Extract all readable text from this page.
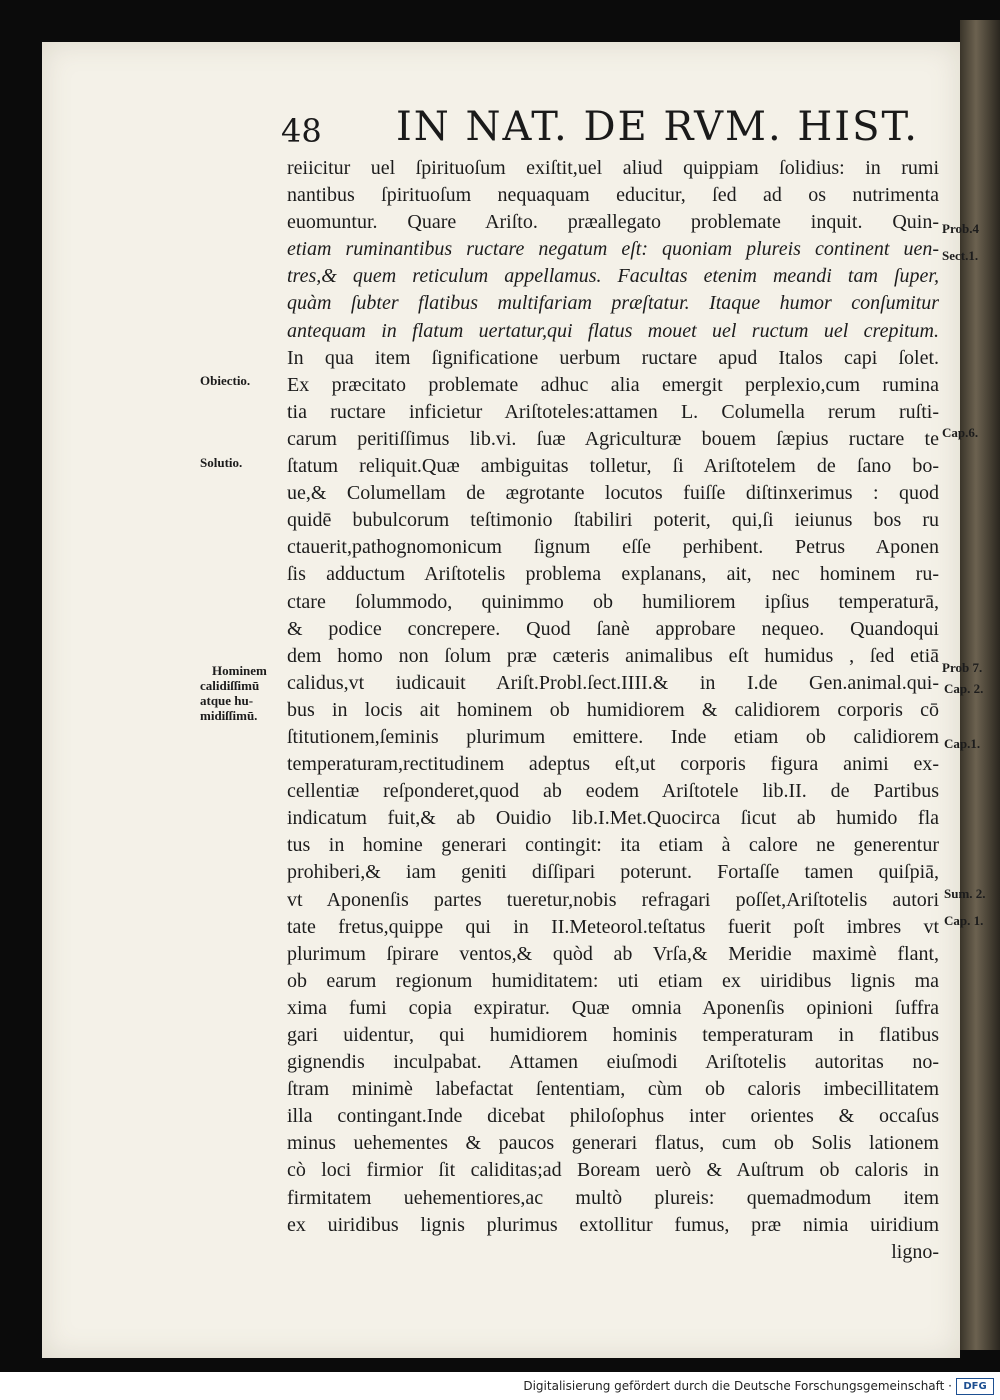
48 IN NAT. DE RVM. HIST.
reiicitur uel ſpirituoſum exiſtit,uel aliud quippiam ſolidius: in rumi
nantibus ſpirituoſum nequaquam educitur, ſed ad os nutrimenta
euomuntur. Quare Ariſto. præallegato problemate inquit. Quin-
etiam ruminantibus ructare negatum eſt: quoniam plureis continent uen-
tres,& quem reticulum appellamus. Facultas etenim meandi tam ſuper,
quàm ſubter flatibus multifariam præſtatur. Itaque humor conſumitur
antequam in flatum uertatur,qui flatus mouet uel ructum uel crepitum.
In qua item ſignificatione uerbum ructare apud Italos capi ſolet.
Ex præcitato problemate adhuc alia emergit perplexio,cum rumina
tia ructare inficietur Ariſtoteles:attamen L. Columella rerum ruſti-
carum peritiſſimus lib.vi. ſuæ Agriculturæ bouem ſæpius ructare te
ſtatum reliquit.Quæ ambiguitas tolletur, ſi Ariſtotelem de ſano bo-
ue,& Columellam de ægrotante locutos fuiſſe diſtinxerimus : quod
quidē bubulcorum teſtimonio ſtabiliri poterit, qui,ſi ieiunus bos ru
ctauerit,pathognomonicum ſignum eſſe perhibent. Petrus Aponen
ſis adductum Ariſtotelis problema explanans, ait, nec hominem ru-
ctare ſolummodo, quinimmo ob humiliorem ipſius temperaturā,
& podice concrepere. Quod ſanè approbare nequeo. Quandoqui
dem homo non ſolum præ cæteris animalibus eſt humidus , ſed etiā
calidus,vt iudicauit Ariſt.Probl.ſect.IIII.& in I.de Gen.animal.qui-
bus in locis ait hominem ob humidiorem & calidiorem corporis cō
ſtitutionem,ſeminis plurimum emittere. Inde etiam ob calidiorem
temperaturam,rectitudinem adeptus eſt,ut corporis figura animi ex-
cellentiæ reſponderet,quod ab eodem Ariſtotele lib.II. de Partibus
indicatum fuit,& ab Ouidio lib.I.Met.Quocirca ſicut ab humido fla
tus in homine generari contingit: ita etiam à calore ne generentur
prohiberi,& iam geniti diſſipari poterunt. Fortaſſe tamen quiſpiā,
vt Aponenſis partes tueretur,nobis refragari poſſet,Ariſtotelis autori
tate fretus,quippe qui in II.Meteorol.teſtatus fuerit poſt imbres vt
plurimum ſpirare ventos,& quòd ab Vrſa,& Meridie maximè flant,
ob earum regionum humiditatem: uti etiam ex uiridibus lignis ma
xima fumi copia expiratur. Quæ omnia Aponenſis opinioni ſuffra
gari uidentur, qui humidiorem hominis temperaturam in flatibus
gignendis inculpabat. Attamen eiuſmodi Ariſtotelis autoritas no-
ſtram minimè labefactat ſententiam, cùm ob caloris imbecillitatem
illa contingant.Inde dicebat philoſophus inter orientes & occaſus
minus uehementes & paucos generari flatus, cum ob Solis lationem
cò loci firmior ſit caliditas;ad Boream uerò & Auſtrum ob caloris in
firmitatem uehementiores,ac multò plureis: quemadmodum item
ex uiridibus lignis plurimus extollitur fumus, præ nimia uiridium
ligno-
Obiectio.
Solutio.
Hominem
calidiſſimū
atque hu-
midiſſimū.
Prob.4
Sect.1.
Cap.6.
Prob 7.
Cap. 2.
Cap.1.
Sum. 2.
Cap. 1.
Digitalisierung gefördert durch die Deutsche Forschungsgemeinschaft ·	DFG
